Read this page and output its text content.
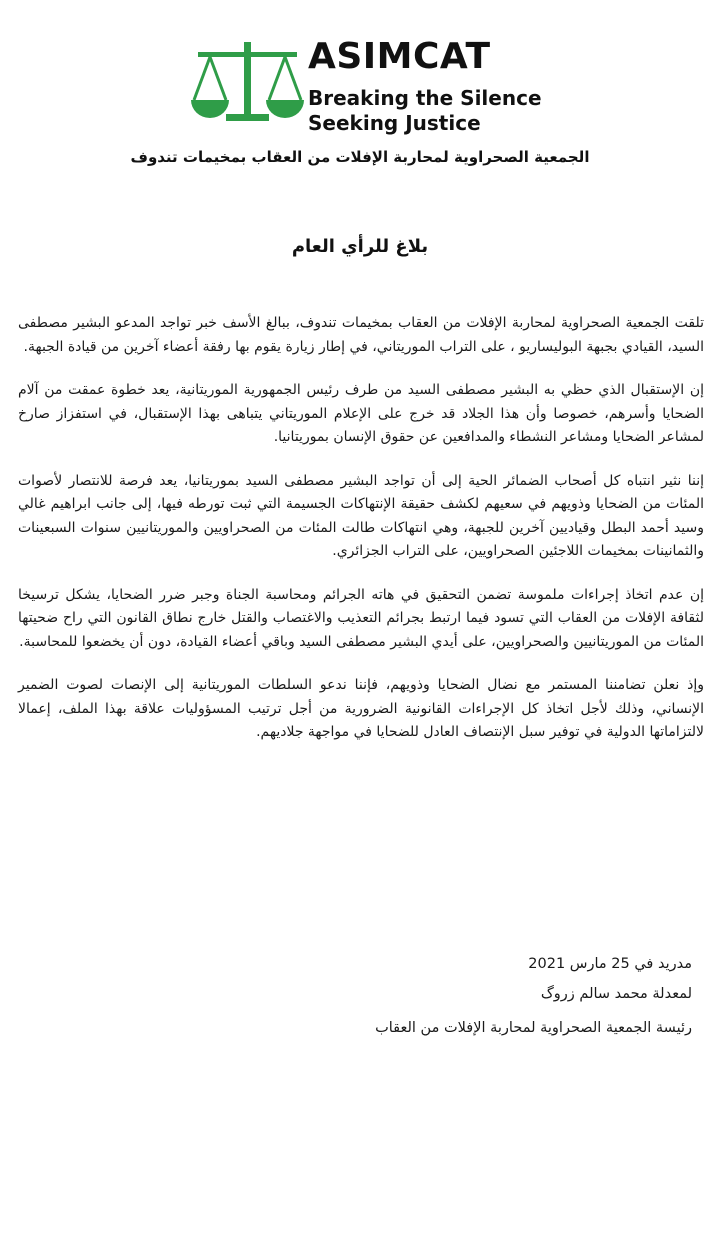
ASIMCAT
Breaking the Silence
Seeking Justice
الجمعية الصحراوية لمحاربة الإفلات من العقاب بمخيمات تندوف
بلاغ للرأي العام

تلقت الجمعية الصحراوية لمحاربة الإفلات من العقاب بمخيمات تندوف، ببالغ الأسف خبر تواجد المدعو البشير مصطفى السيد، القيادي بجبهة البوليساريو ، على التراب الموريتاني، في إطار زيارة يقوم بها رفقة أعضاء آخرين من قيادة الجبهة.

إن الإستقبال الذي حظي به البشير مصطفى السيد من طرف رئيس الجمهورية الموريتانية، يعد خطوة عمقت من آلام الضحايا وأسرهم، خصوصا وأن هذا الجلاد قد خرج على الإعلام الموريتاني يتباهى بهذا الإستقبال، في استفزاز صارخ لمشاعر الضحايا ومشاعر النشطاء والمدافعين عن حقوق الإنسان بموريتانيا.

إننا نثير انتباه كل أصحاب الضمائر الحية إلى أن تواجد البشير مصطفى السيد بموريتانيا، يعد فرصة للانتصار لأصوات المئات من الضحايا وذويهم في سعيهم لكشف حقيقة الإنتهاكات الجسيمة التي ثبت تورطه فيها، إلى جانب ابراهيم غالي وسيد أحمد البطل وقياديين آخرين للجبهة، وهي انتهاكات طالت المئات من الصحراويين والموريتانيين سنوات السبعينات والثمانينات بمخيمات اللاجئين الصحراويين، على التراب الجزائري.

إن عدم اتخاذ إجراءات ملموسة تضمن التحقيق في هاته الجرائم ومحاسبة الجناة وجبر ضرر الضحايا، يشكل ترسيخا لثقافة الإفلات من العقاب التي تسود فيما ارتبط بجرائم التعذيب والاغتصاب والقتل خارج نطاق القانون التي راح ضحيتها المئات من الموريتانيين والصحراويين، على أيدي البشير مصطفى السيد وباقي أعضاء القيادة، دون أن يخضعوا للمحاسبة.

وإذ نعلن تضامننا المستمر مع نضال الضحايا وذويهم، فإننا ندعو السلطات الموريتانية إلى الإنصات لصوت الضمير الإنساني، وذلك لأجل اتخاذ كل الإجراءات القانونية الضرورية من أجل ترتيب المسؤوليات علاقة بهذا الملف، إعمالا لالتزاماتها الدولية في توفير سبل الإنتصاف العادل للضحايا في مواجهة جلاديهم.

مدريد في 25 مارس 2021
لمعدلة محمد سالم زروگ
رئيسة الجمعية الصحراوية لمحاربة الإفلات من العقاب
